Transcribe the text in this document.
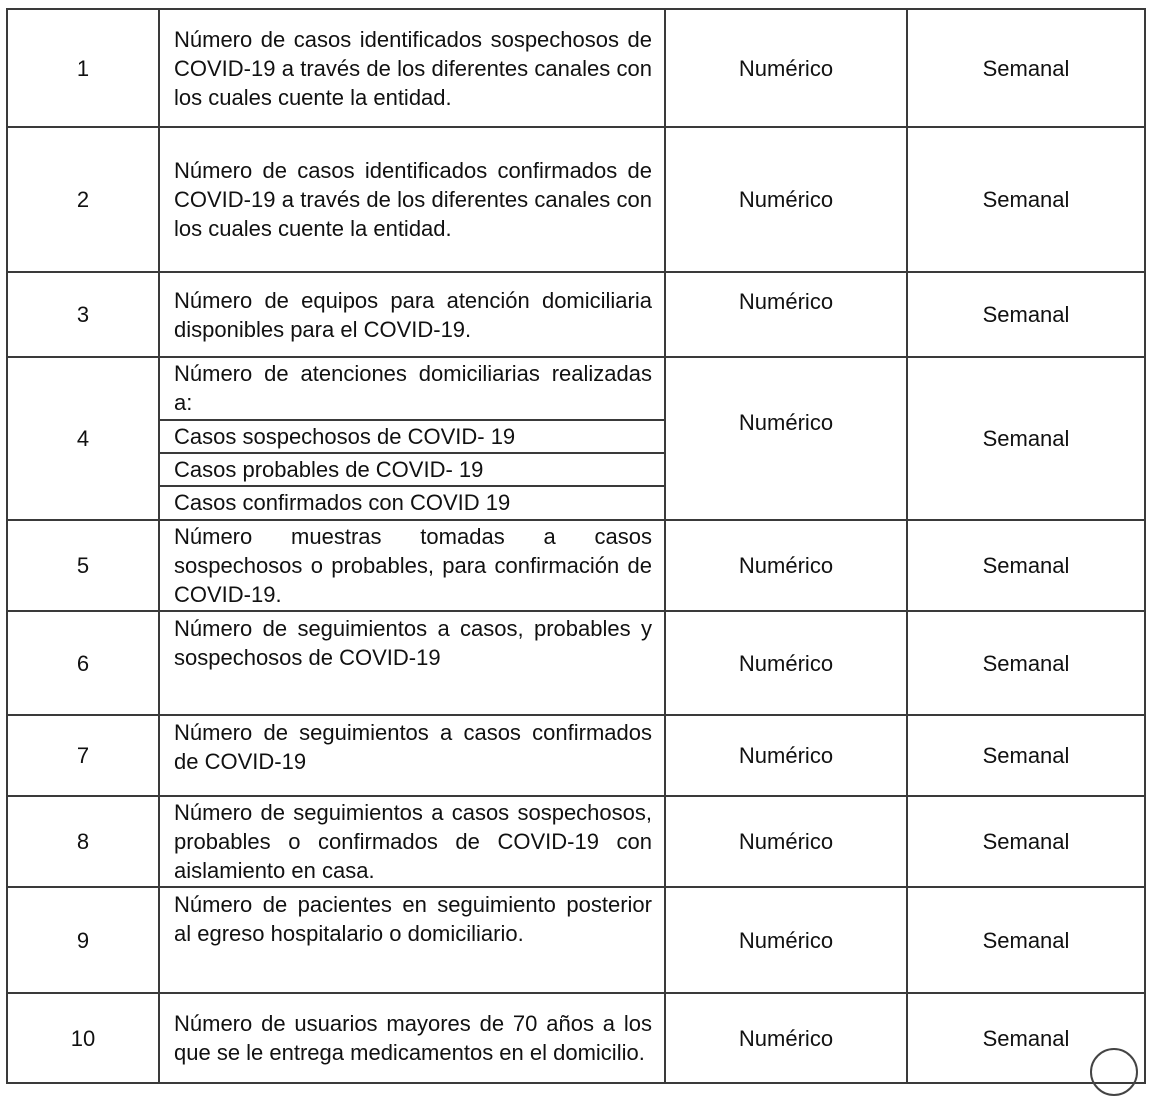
1	Número de casos identificados sospechosos de COVID-19 a través de los diferentes canales con los cuales cuente la entidad.	Numérico	Semanal
2	Número de casos identificados confirmados de COVID-19 a través de los diferentes canales con los cuales cuente la entidad.	Numérico	Semanal
3	Número de equipos para atención domiciliaria disponibles para el COVID-19.	Numérico	Semanal
4	Número de atenciones domiciliarias realizadas a:
Casos sospechosos de COVID- 19
Casos probables de COVID- 19
Casos confirmados con COVID 19	Numérico	Semanal
5	Número muestras tomadas a casos sospechosos o probables, para confirmación de COVID-19.	Numérico	Semanal
6	Número de seguimientos a casos, probables y sospechosos de COVID-19	Numérico	Semanal
7	Número de seguimientos a casos confirmados de COVID-19	Numérico	Semanal
8	Número de seguimientos a casos sospechosos, probables o confirmados de COVID-19 con aislamiento en casa.	Numérico	Semanal
9	Número de pacientes en seguimiento posterior al egreso hospitalario o domiciliario.	Numérico	Semanal
10	Número de usuarios mayores de 70 años a los que se le entrega medicamentos en el domicilio.	Numérico	Semanal
